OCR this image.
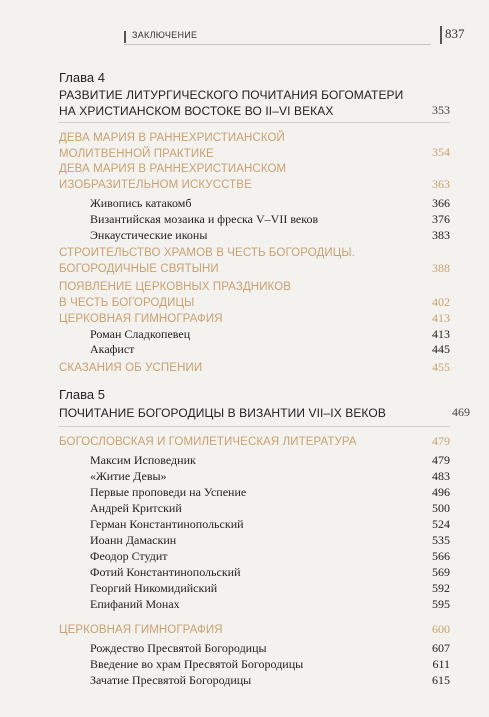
ЗАКЛЮЧЕНИЕ	837
Глава 4
РАЗВИТИЕ ЛИТУРГИЧЕСКОГО ПОЧИТАНИЯ БОГОМАТЕРИ
НА ХРИСТИАНСКОМ ВОСТОКЕ ВО II–VI ВЕКАХ	353
ДЕВА МАРИЯ В РАННЕХРИСТИАНСКОЙ
МОЛИТВЕННОЙ ПРАКТИКЕ	354
ДЕВА МАРИЯ В РАННЕХРИСТИАНСКОМ
ИЗОБРАЗИТЕЛЬНОМ ИСКУССТВЕ	363
Живопись катакомб	366
Византийская мозаика и фреска V–VII веков	376
Энкаустические иконы	383
СТРОИТЕЛЬСТВО ХРАМОВ В ЧЕСТЬ БОГОРОДИЦЫ.
БОГОРОДИЧНЫЕ СВЯТЫНИ	388
ПОЯВЛЕНИЕ ЦЕРКОВНЫХ ПРАЗДНИКОВ
В ЧЕСТЬ БОГОРОДИЦЫ	402
ЦЕРКОВНАЯ ГИМНОГРАФИЯ	413
Роман Сладкопевец	413
Акафист	445
СКАЗАНИЯ ОБ УСПЕНИИ	455
Глава 5
ПОЧИТАНИЕ БОГОРОДИЦЫ В ВИЗАНТИИ VII–IX ВЕКОВ	469
БОГОСЛОВСКАЯ И ГОМИЛЕТИЧЕСКАЯ ЛИТЕРАТУРА	479
Максим Исповедник	479
«Житие Девы»	483
Первые проповеди на Успение	496
Андрей Критский	500
Герман Константинопольский	524
Иоанн Дамаскин	535
Феодор Студит	566
Фотий Константинопольский	569
Георгий Никомидийский	592
Епифаний Монах	595
ЦЕРКОВНАЯ ГИМНОГРАФИЯ	600
Рождество Пресвятой Богородицы	607
Введение во храм Пресвятой Богородицы	611
Зачатие Пресвятой Богородицы	615
